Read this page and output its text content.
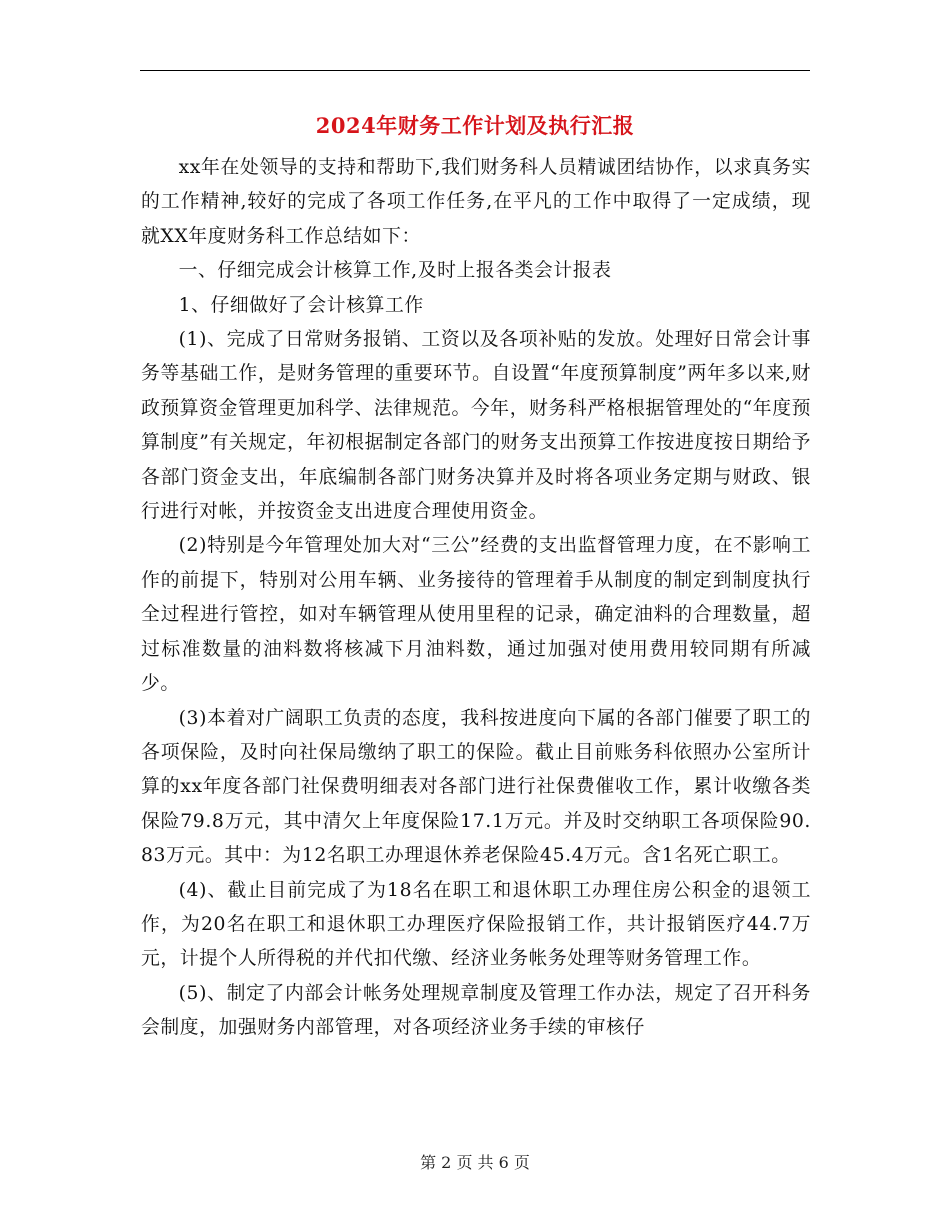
2024年财务工作计划及执行汇报

xx年在处领导的支持和帮助下,我们财务科人员精诚团结协作，以求真务实的工作精神,较好的完成了各项工作任务,在平凡的工作中取得了一定成绩，现就XX年度财务科工作总结如下：

一、仔细完成会计核算工作,及时上报各类会计报表

1、仔细做好了会计核算工作

(1)、完成了日常财务报销、工资以及各项补贴的发放。处理好日常会计事务等基础工作，是财务管理的重要环节。自设置“年度预算制度”两年多以来,财政预算资金管理更加科学、法律规范。今年，财务科严格根据管理处的“年度预算制度”有关规定，年初根据制定各部门的财务支出预算工作按进度按日期给予各部门资金支出，年底编制各部门财务决算并及时将各项业务定期与财政、银行进行对帐，并按资金支出进度合理使用资金。

(2)特别是今年管理处加大对“三公”经费的支出监督管理力度，在不影响工作的前提下，特别对公用车辆、业务接待的管理着手从制度的制定到制度执行全过程进行管控，如对车辆管理从使用里程的记录，确定油料的合理数量，超过标准数量的油料数将核减下月油料数，通过加强对使用费用较同期有所减少。

(3)本着对广阔职工负责的态度，我科按进度向下属的各部门催要了职工的各项保险，及时向社保局缴纳了职工的保险。截止目前账务科依照办公室所计算的xx年度各部门社保费明细表对各部门进行社保费催收工作，累计收缴各类保险79.8万元，其中清欠上年度保险17.1万元。并及时交纳职工各项保险90.83万元。其中：为12名职工办理退休养老保险45.4万元。含1名死亡职工。

(4)、截止目前完成了为18名在职工和退休职工办理住房公积金的退领工作，为20名在职工和退休职工办理医疗保险报销工作，共计报销医疗44.7万元，计提个人所得税的并代扣代缴、经济业务帐务处理等财务管理工作。

(5)、制定了内部会计帐务处理规章制度及管理工作办法，规定了召开科务会制度，加强财务内部管理，对各项经济业务手续的审核仔

第 2 页 共 6 页
